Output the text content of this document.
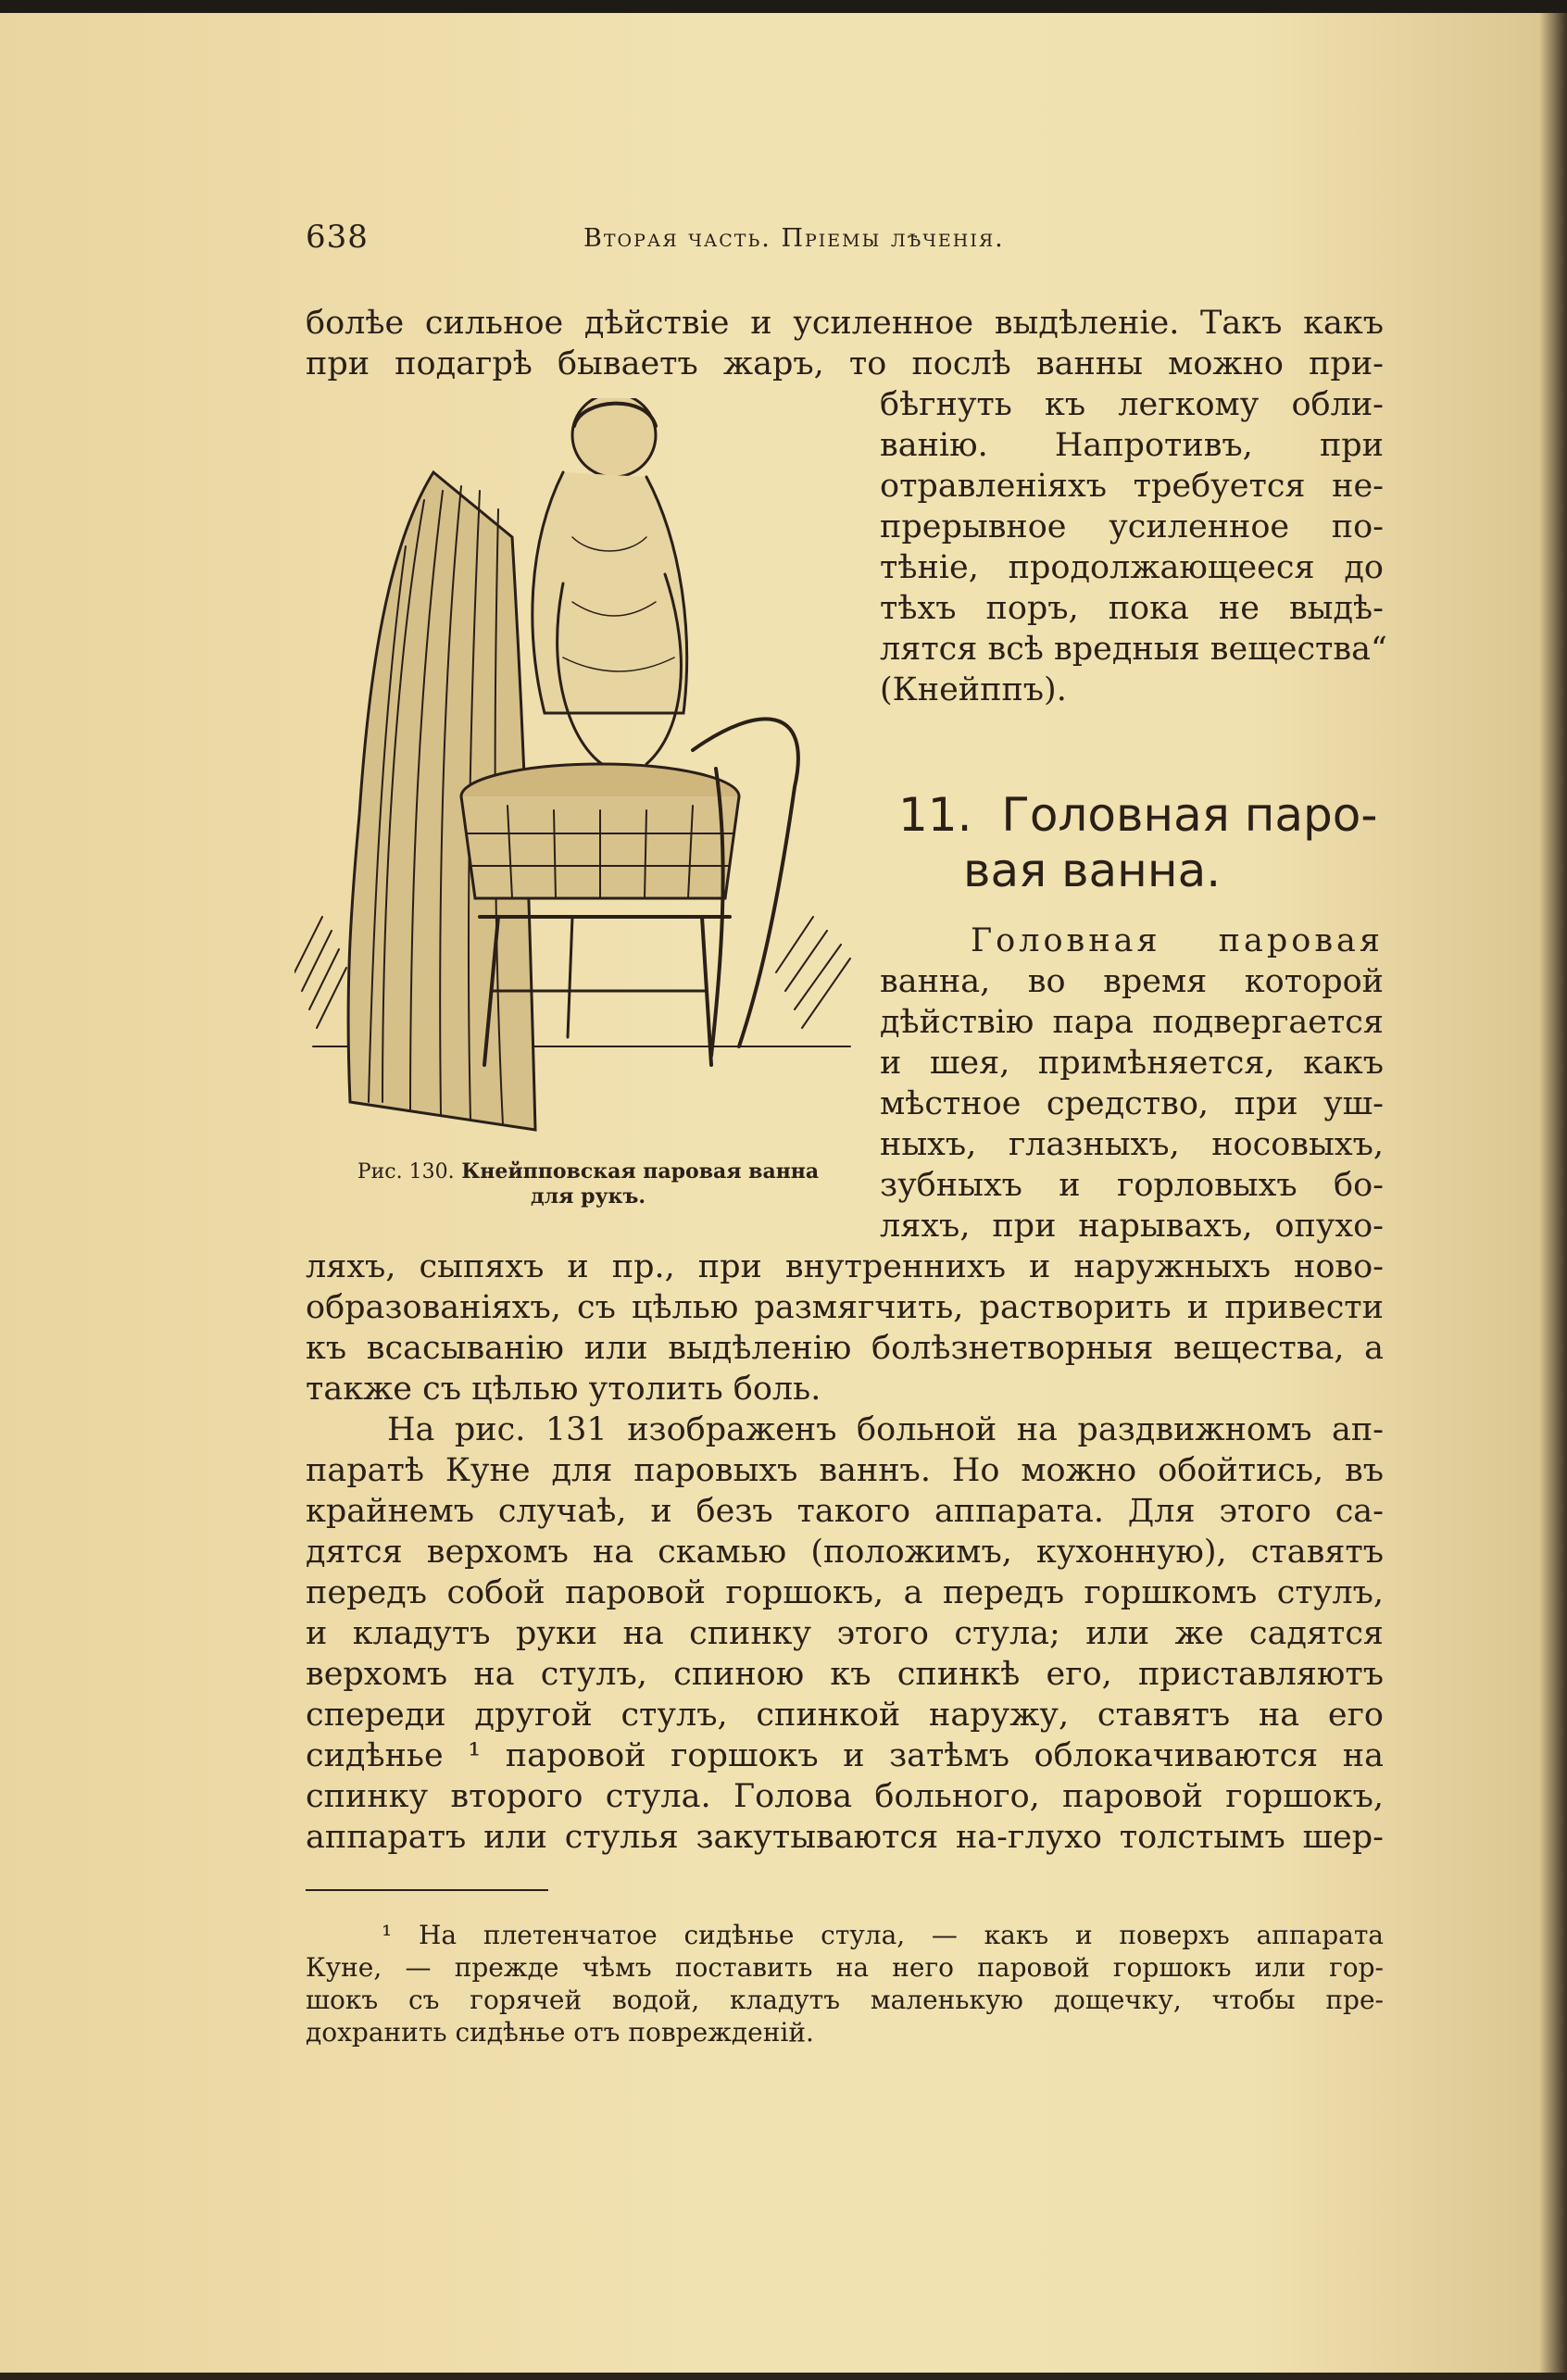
638	Вторая часть. Пріемы лѣченія.
болѣе сильное дѣйствіе и усиленное выдѣленіе. Такъ какъ
при подагрѣ бываетъ жаръ, то послѣ ванны можно при-
бѣгнуть къ легкому обли-
ванію. Напротивъ, при
отравленіяхъ требуется не-
прерывное усиленное по-
тѣніе, продолжающееся до
тѣхъ поръ, пока не выдѣ-
лятся всѣ вредныя вещества“
(Кнейппъ).
Рис. 130. Кнейпповская паровая ванна
для рукъ.
11. Головная паро-
вая ванна.
Головная паровая
ванна, во время которой
дѣйствію пара подвергается
и шея, примѣняется, какъ
мѣстное средство, при уш-
ныхъ, глазныхъ, носовыхъ,
зубныхъ и горловыхъ бо-
ляхъ, при нарывахъ, опухо-
ляхъ, сыпяхъ и пр., при внутреннихъ и наружныхъ ново-
образованіяхъ, съ цѣлью размягчить, растворить и привести
къ всасыванію или выдѣленію болѣзнетворныя вещества, а
также съ цѣлью утолить боль.
На рис. 131 изображенъ больной на раздвижномъ ап-
паратѣ Куне для паровыхъ ваннъ. Но можно обойтись, въ
крайнемъ случаѣ, и безъ такого аппарата. Для этого са-
дятся верхомъ на скамью (положимъ, кухонную), ставятъ
передъ собой паровой горшокъ, а передъ горшкомъ стулъ,
и кладутъ руки на спинку этого стула; или же садятся
верхомъ на стулъ, спиною къ спинкѣ его, приставляютъ
спереди другой стулъ, спинкой наружу, ставятъ на его
сидѣнье ¹ паровой горшокъ и затѣмъ облокачиваются на
спинку второго стула. Голова больного, паровой горшокъ,
аппаратъ или стулья закутываются на-глухо толстымъ шер-
¹ На плетенчатое сидѣнье стула, — какъ и поверхъ аппарата
Куне, — прежде чѣмъ поставить на него паровой горшокъ или гор-
шокъ съ горячей водой, кладутъ маленькую дощечку, чтобы пре-
дохранить сидѣнье отъ поврежденій.
